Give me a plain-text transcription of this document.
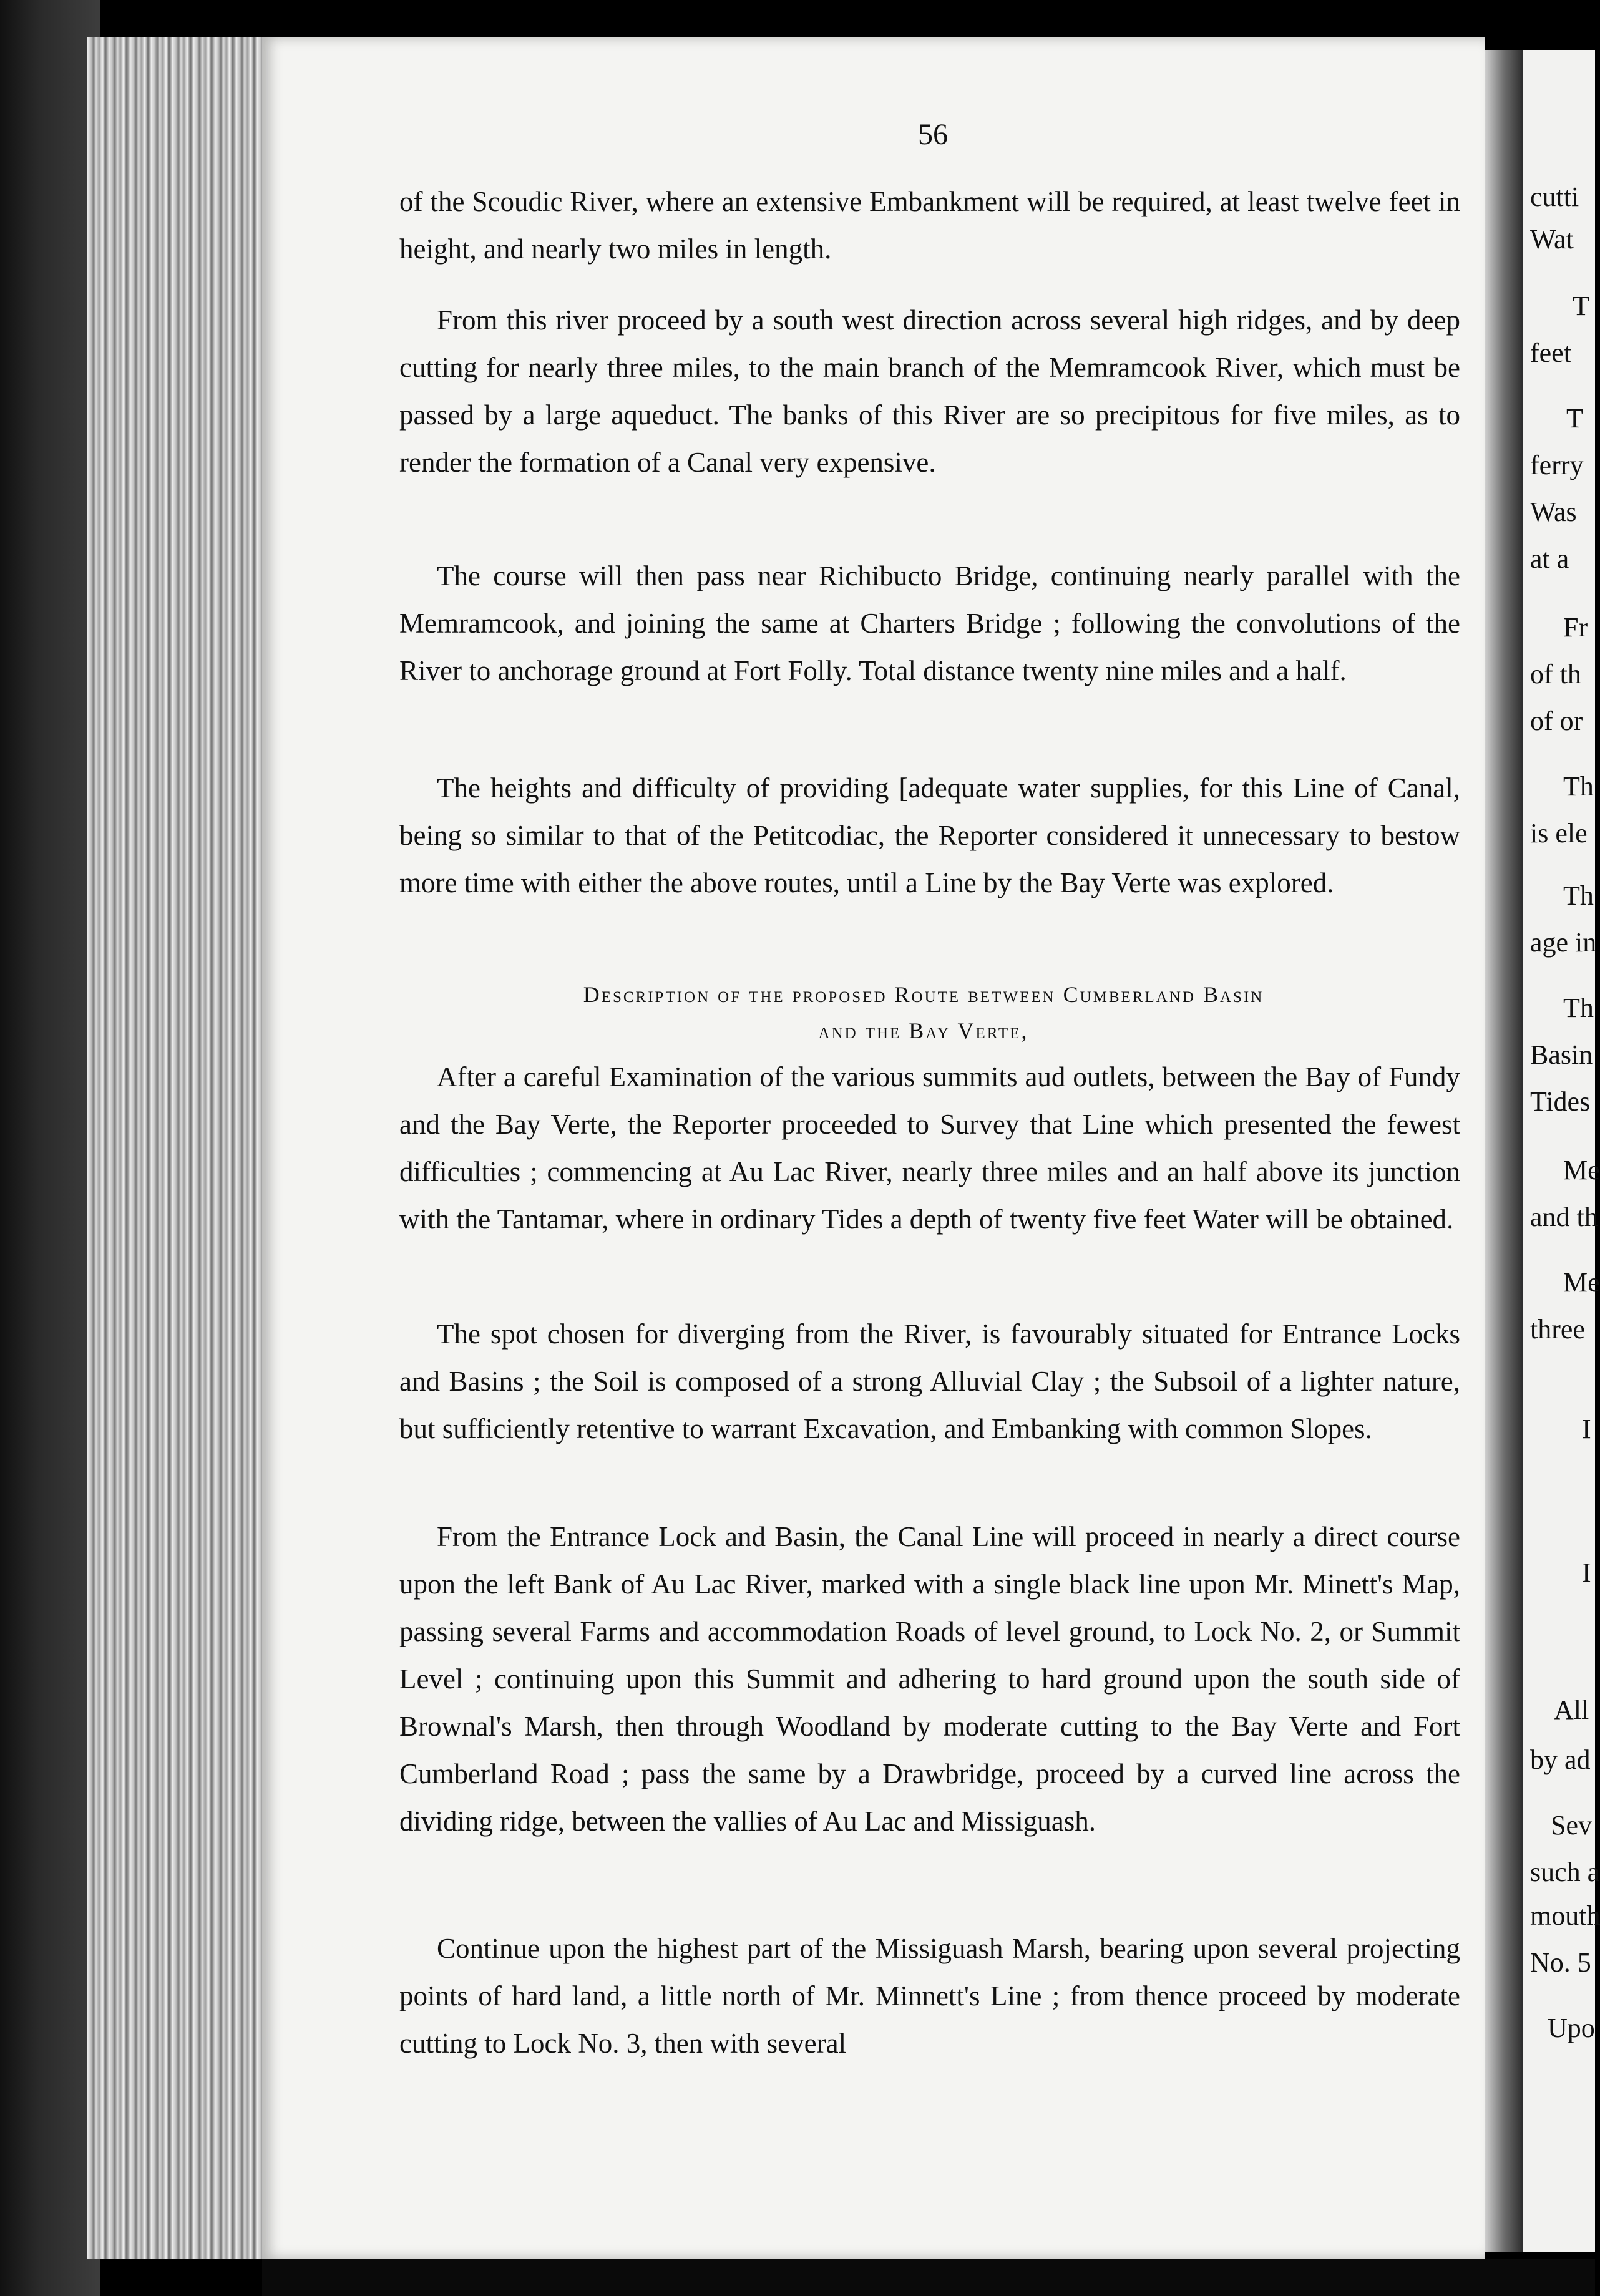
56

of the Scoudic River, where an extensive Embankment will be required, at least twelve feet in height, and nearly two miles in length.

From this river proceed by a south west direction across several high ridges, and by deep cutting for nearly three miles, to the main branch of the Memramcook River, which must be passed by a large aqueduct. The banks of this River are so precipitous for five miles, as to render the formation of a Canal very expensive.

The course will then pass near Richibucto Bridge, continuing nearly parallel with the Memramcook, and joining the same at Charters Bridge ; following the convolutions of the River to anchorage ground at Fort Folly. Total distance twenty nine miles and a half.

The heights and difficulty of providing [adequate water supplies, for this Line of Canal, being so similar to that of the Petitcodiac, the Reporter considered it unnecessary to bestow more time with either the above routes, until a Line by the Bay Verte was explored.

Description of the proposed Route between Cumberland Basin
and the Bay Verte,

After a careful Examination of the various summits aud outlets, between the Bay of Fundy and the Bay Verte, the Reporter proceeded to Survey that Line which presented the fewest difficulties ; commencing at Au Lac River, nearly three miles and an half above its junction with the Tantamar, where in ordinary Tides a depth of twenty five feet Water will be obtained.

The spot chosen for diverging from the River, is favourably situated for Entrance Locks and Basins ; the Soil is composed of a strong Alluvial Clay ; the Subsoil of a lighter nature, but sufficiently retentive to warrant Excavation, and Embanking with common Slopes.

From the Entrance Lock and Basin, the Canal Line will proceed in nearly a direct course upon the left Bank of Au Lac River, marked with a single black line upon Mr. Minett's Map, passing several Farms and accommodation Roads of level ground, to Lock No. 2, or Summit Level ; continuing upon this Summit and adhering to hard ground upon the south side of Brownal's Marsh, then through Woodland by moderate cutting to the Bay Verte and Fort Cumberland Road ; pass the same by a Drawbridge, proceed by a curved line across the dividing ridge, between the vallies of Au Lac and Missiguash.

Continue upon the highest part of the Missiguash Marsh, bearing upon several projecting points of hard land, a little north of Mr. Minnett's Line ; from thence proceed by moderate cutting to Lock No. 3, then with several

cutti
Wat
T
feet
T
ferry
Was
at a
Fr
of th
of or
Th
is ele
Th
age in
Th
Basin
Tides
Me
and th
Me
three
I
I
All
by ad
Sev
such a
mouth
No. 5
Upo
